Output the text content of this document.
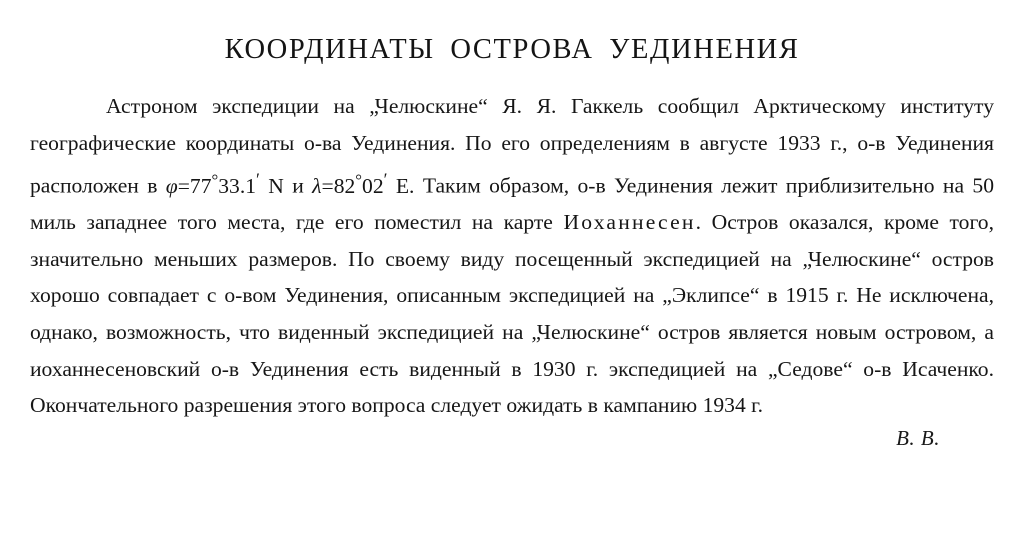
КООРДИНАТЫ ОСТРОВА УЕДИНЕНИЯ

Астроном экспедиции на „Челюскине“ Я. Я. Гаккель сообщил Арктическому институту географические координаты о-ва Уединения. По его определениям в августе 1933 г., о-в Уединения расположен в φ=77°33.1′ N и λ=82°02′ E. Таким образом, о-в Уединения лежит приблизительно на 50 миль западнее того места, где его поместил на карте Иоханнесен. Остров оказался, кроме того, значительно меньших размеров. По своему виду посещенный экспедицией на „Челюскине“ остров хорошо совпадает с о-вом Уединения, описанным экспедицией на „Эклипсе“ в 1915 г. Не исключена, однако, возможность, что виденный экспедицией на „Челюскине“ остров является новым островом, а иоханнесеновский о-в Уединения есть виденный в 1930 г. экспедицией на „Седове“ о-в Исаченко. Окончательного разрешения этого вопроса следует ожидать в кампанию 1934 г.

В. В.
